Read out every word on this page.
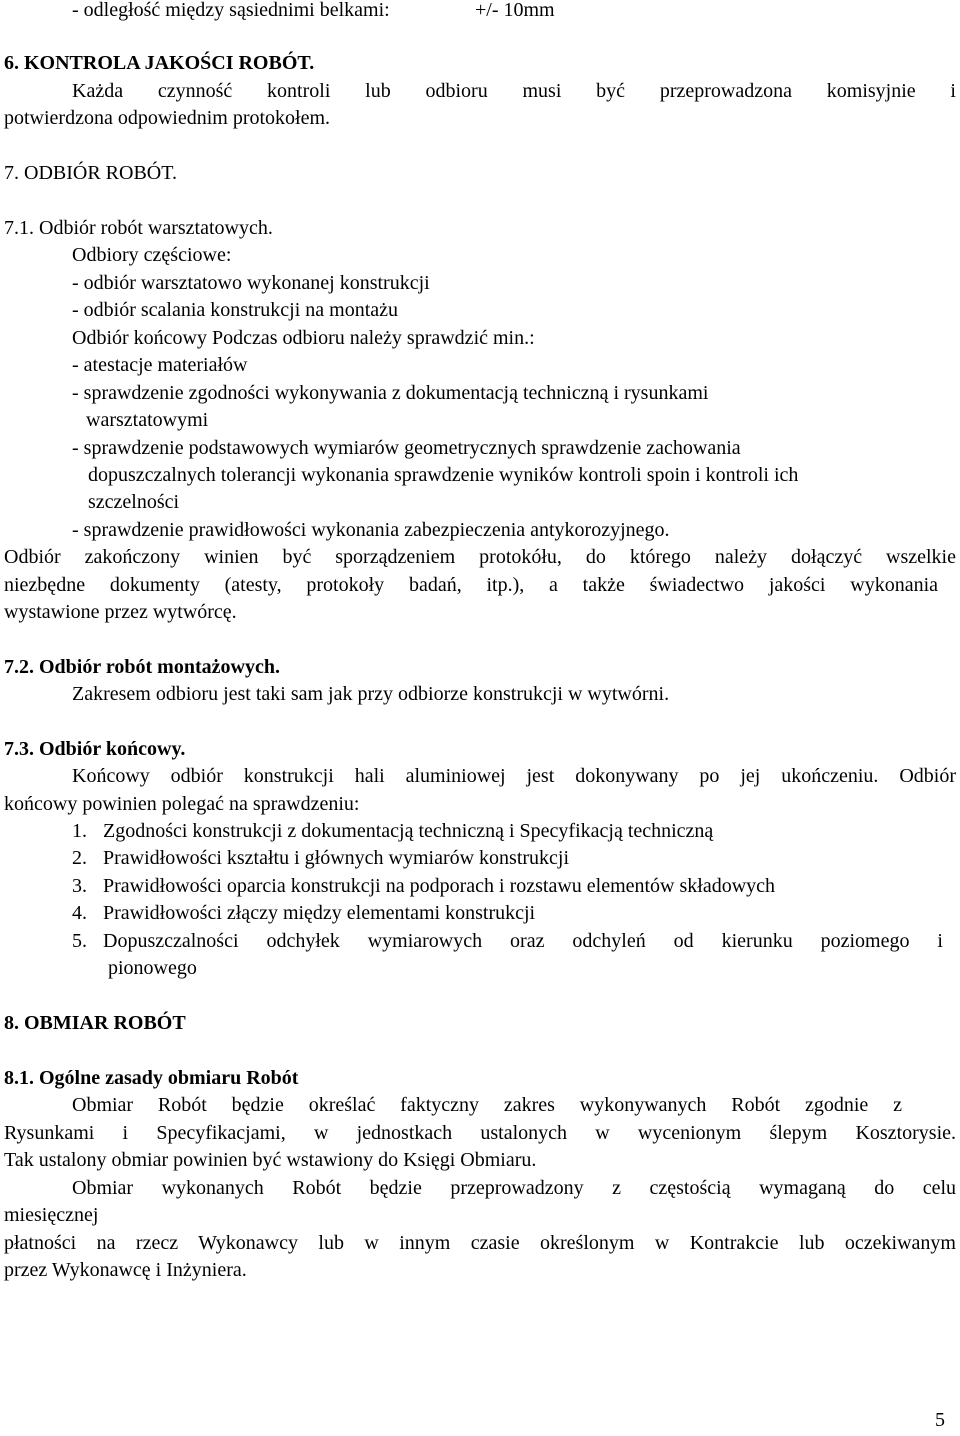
- odległość między sąsiednimi belkami:	+/- 10mm
6. KONTROLA JAKOŚCI ROBÓT.
Każda czynność kontroli lub odbioru musi być przeprowadzona komisyjnie i
potwierdzona odpowiednim protokołem.
7. ODBIÓR ROBÓT.
7.1. Odbiór robót warsztatowych.
Odbiory częściowe:
- odbiór warsztatowo wykonanej konstrukcji
- odbiór scalania konstrukcji na montażu
Odbiór końcowy Podczas odbioru należy sprawdzić min.:
- atestacje materiałów
- sprawdzenie zgodności wykonywania z dokumentacją techniczną i rysunkami
warsztatowymi
- sprawdzenie podstawowych wymiarów geometrycznych sprawdzenie zachowania
dopuszczalnych tolerancji wykonania sprawdzenie wyników kontroli spoin i kontroli ich
szczelności
- sprawdzenie prawidłowości wykonania zabezpieczenia antykorozyjnego.
Odbiór zakończony winien być sporządzeniem protokółu, do którego należy dołączyć wszelkie
niezbędne dokumenty (atesty, protokoły badań, itp.), a także świadectwo jakości wykonania
wystawione przez wytwórcę.
7.2. Odbiór robót montażowych.
Zakresem odbioru jest taki sam jak przy odbiorze konstrukcji w wytwórni.
7.3. Odbiór końcowy.
Końcowy odbiór konstrukcji hali aluminiowej jest dokonywany po jej ukończeniu. Odbiór
końcowy powinien polegać na sprawdzeniu:
1. Zgodności konstrukcji z dokumentacją techniczną i Specyfikacją techniczną
2. Prawidłowości kształtu i głównych wymiarów konstrukcji
3. Prawidłowości oparcia konstrukcji na podporach i rozstawu elementów składowych
4. Prawidłowości złączy między elementami konstrukcji
5. Dopuszczalności odchyłek wymiarowych oraz odchyleń od kierunku poziomego i
pionowego
8. OBMIAR ROBÓT
8.1. Ogólne zasady obmiaru Robót
Obmiar Robót będzie określać faktyczny zakres wykonywanych Robót zgodnie z
Rysunkami i Specyfikacjami, w jednostkach ustalonych w wycenionym ślepym Kosztorysie.
Tak ustalony obmiar powinien być wstawiony do Księgi Obmiaru.
Obmiar wykonanych Robót będzie przeprowadzony z częstością wymaganą do celu
miesięcznej
płatności na rzecz Wykonawcy lub w innym czasie określonym w Kontrakcie lub oczekiwanym
przez Wykonawcę i Inżyniera.
5
